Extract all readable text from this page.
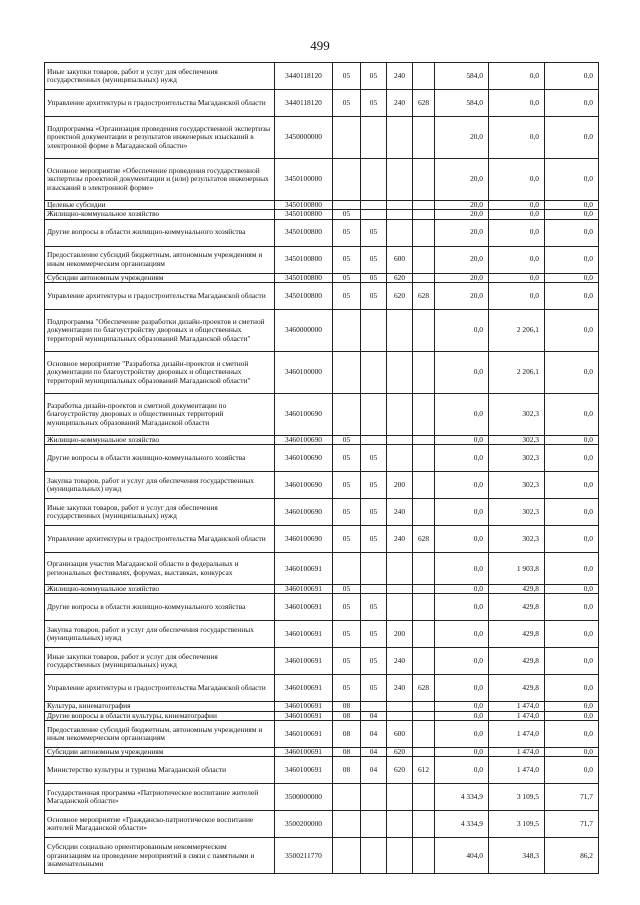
499
Иные закупки товаров, работ и услуг для обеспечения государственных (муниципальных) нужд	3440118120	05	05	240		584,0	0,0	0,0
Управление архитектуры и градостроительства Магаданской области	3440118120	05	05	240	628	584,0	0,0	0,0
Подпрограмма «Организация проведения государственной экспертизы проектной документации и результатов инженерных изысканий в электронной форме в Магаданской области»	3450000000					20,0	0,0	0,0
Основное мероприятие «Обеспечение проведения государственной экспертизы проектной документации и (или) результатов инженерных изысканий в электронной форме»	3450100000					20,0	0,0	0,0
Целевые субсидии	3450100800					20,0	0,0	0,0
Жилищно-коммунальное хозяйство	3450100800	05				20,0	0,0	0,0
Другие вопросы в области жилищно-коммунального хозяйства	3450100800	05	05			20,0	0,0	0,0
Предоставление субсидий бюджетным, автономным учреждениям и иным некоммерческим организациям	3450100800	05	05	600		20,0	0,0	0,0
Субсидии автономным учреждениям	3450100800	05	05	620		20,0	0,0	0,0
Управление архитектуры и градостроительства Магаданской области	3450100800	05	05	620	628	20,0	0,0	0,0
Подпрограмма "Обеспечение разработки дизайн-проектов и сметной документации по благоустройству дворовых и общественных территорий муниципальных образований Магаданской области"	3460000000					0,0	2 206,1	0,0
Основное мероприятие "Разработка дизайн-проектов и сметной документации по благоустройству дворовых и общественных территорий муниципальных образований Магаданской области"	3460100000					0,0	2 206,1	0,0
Разработка дизайн-проектов и сметной документации по благоустройству дворовых и общественных территорий муниципальных образований Магаданской области	3460100690					0,0	302,3	0,0
Жилищно-коммунальное хозяйство	3460100690	05				0,0	302,3	0,0
Другие вопросы в области жилищно-коммунального хозяйства	3460100690	05	05			0,0	302,3	0,0
Закупка товаров, работ и услуг для обеспечения государственных (муниципальных) нужд	3460100690	05	05	200		0,0	302,3	0,0
Иные закупки товаров, работ и услуг для обеспечения государственных (муниципальных) нужд	3460100690	05	05	240		0,0	302,3	0,0
Управление архитектуры и градостроительства Магаданской области	3460100690	05	05	240	628	0,0	302,3	0,0
Организация участия Магаданской области в федеральных и региональных фестивалях, форумах, выставках, конкурсах	3460100691					0,0	1 903,8	0,0
Жилищно-коммунальное хозяйство	3460100691	05				0,0	429,8	0,0
Другие вопросы в области жилищно-коммунального хозяйства	3460100691	05	05			0,0	429,8	0,0
Закупка товаров, работ и услуг для обеспечения государственных (муниципальных) нужд	3460100691	05	05	200		0,0	429,8	0,0
Иные закупки товаров, работ и услуг для обеспечения государственных (муниципальных) нужд	3460100691	05	05	240		0,0	429,8	0,0
Управление архитектуры и градостроительства Магаданской области	3460100691	05	05	240	628	0,0	429,8	0,0
Культура, кинематография	3460100691	08				0,0	1 474,0	0,0
Другие вопросы в области культуры, кинематографии	3460100691	08	04			0,0	1 474,0	0,0
Предоставление субсидий бюджетным, автономным учреждениям и иным некоммерческим организациям	3460100691	08	04	600		0,0	1 474,0	0,0
Субсидии автономным учреждениям	3460100691	08	04	620		0,0	1 474,0	0,0
Министерство культуры и туризма Магаданской области	3460100691	08	04	620	612	0,0	1 474,0	0,0
Государственная программа «Патриотическое воспитание жителей Магаданской области»	3500000000					4 334,9	3 109,5	71,7
Основное мероприятие «Гражданско-патриотическое воспитание жителей Магаданской области»	3500200000					4 334,9	3 109,5	71,7
Субсидии социально ориентированным некоммерческим организациям на проведение мероприятий в связи с памятными и знаменательными	3500211770					404,0	348,3	86,2
